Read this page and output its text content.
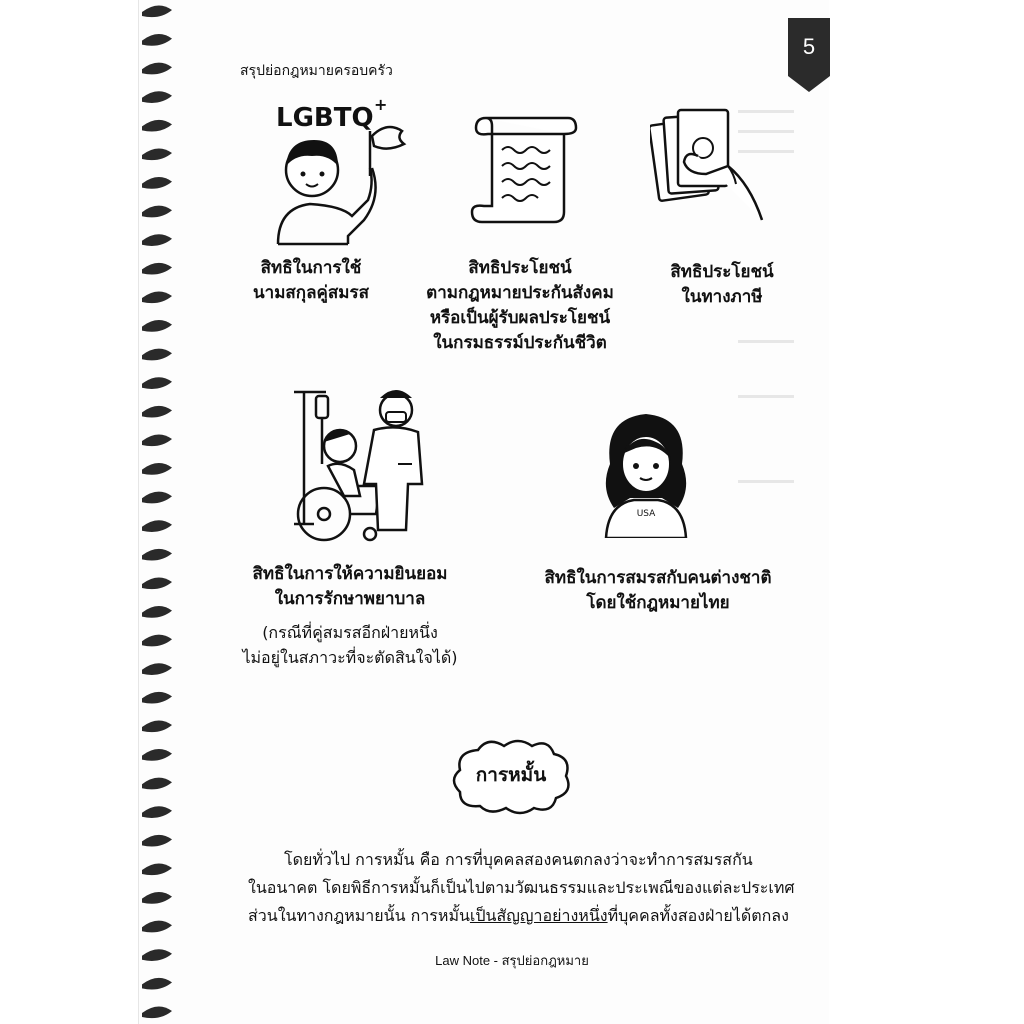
5
สรุปย่อกฎหมายครอบครัว
LGBTQ +
USA
สิทธิในการใช้
นามสกุลคู่สมรส
สิทธิประโยชน์
ตามกฎหมายประกันสังคม
หรือเป็นผู้รับผลประโยชน์
ในกรมธรรม์ประกันชีวิต
สิทธิประโยชน์
ในทางภาษี
สิทธิในการให้ความยินยอม
ในการรักษาพยาบาล
(กรณีที่คู่สมรสอีกฝ่ายหนึ่ง
ไม่อยู่ในสภาวะที่จะตัดสินใจได้)
สิทธิในการสมรสกับคนต่างชาติ
โดยใช้กฎหมายไทย
การหมั้น
โดยทั่วไป การหมั้น คือ การที่บุคคลสองคนตกลงว่าจะทำการสมรสกัน
ในอนาคต โดยพิธีการหมั้นก็เป็นไปตามวัฒนธรรมและประเพณีของแต่ละประเทศ
ส่วนในทางกฎหมายนั้น การหมั้นเป็นสัญญาอย่างหนึ่งที่บุคคลทั้งสองฝ่ายได้ตกลง
Law Note - สรุปย่อกฎหมาย
